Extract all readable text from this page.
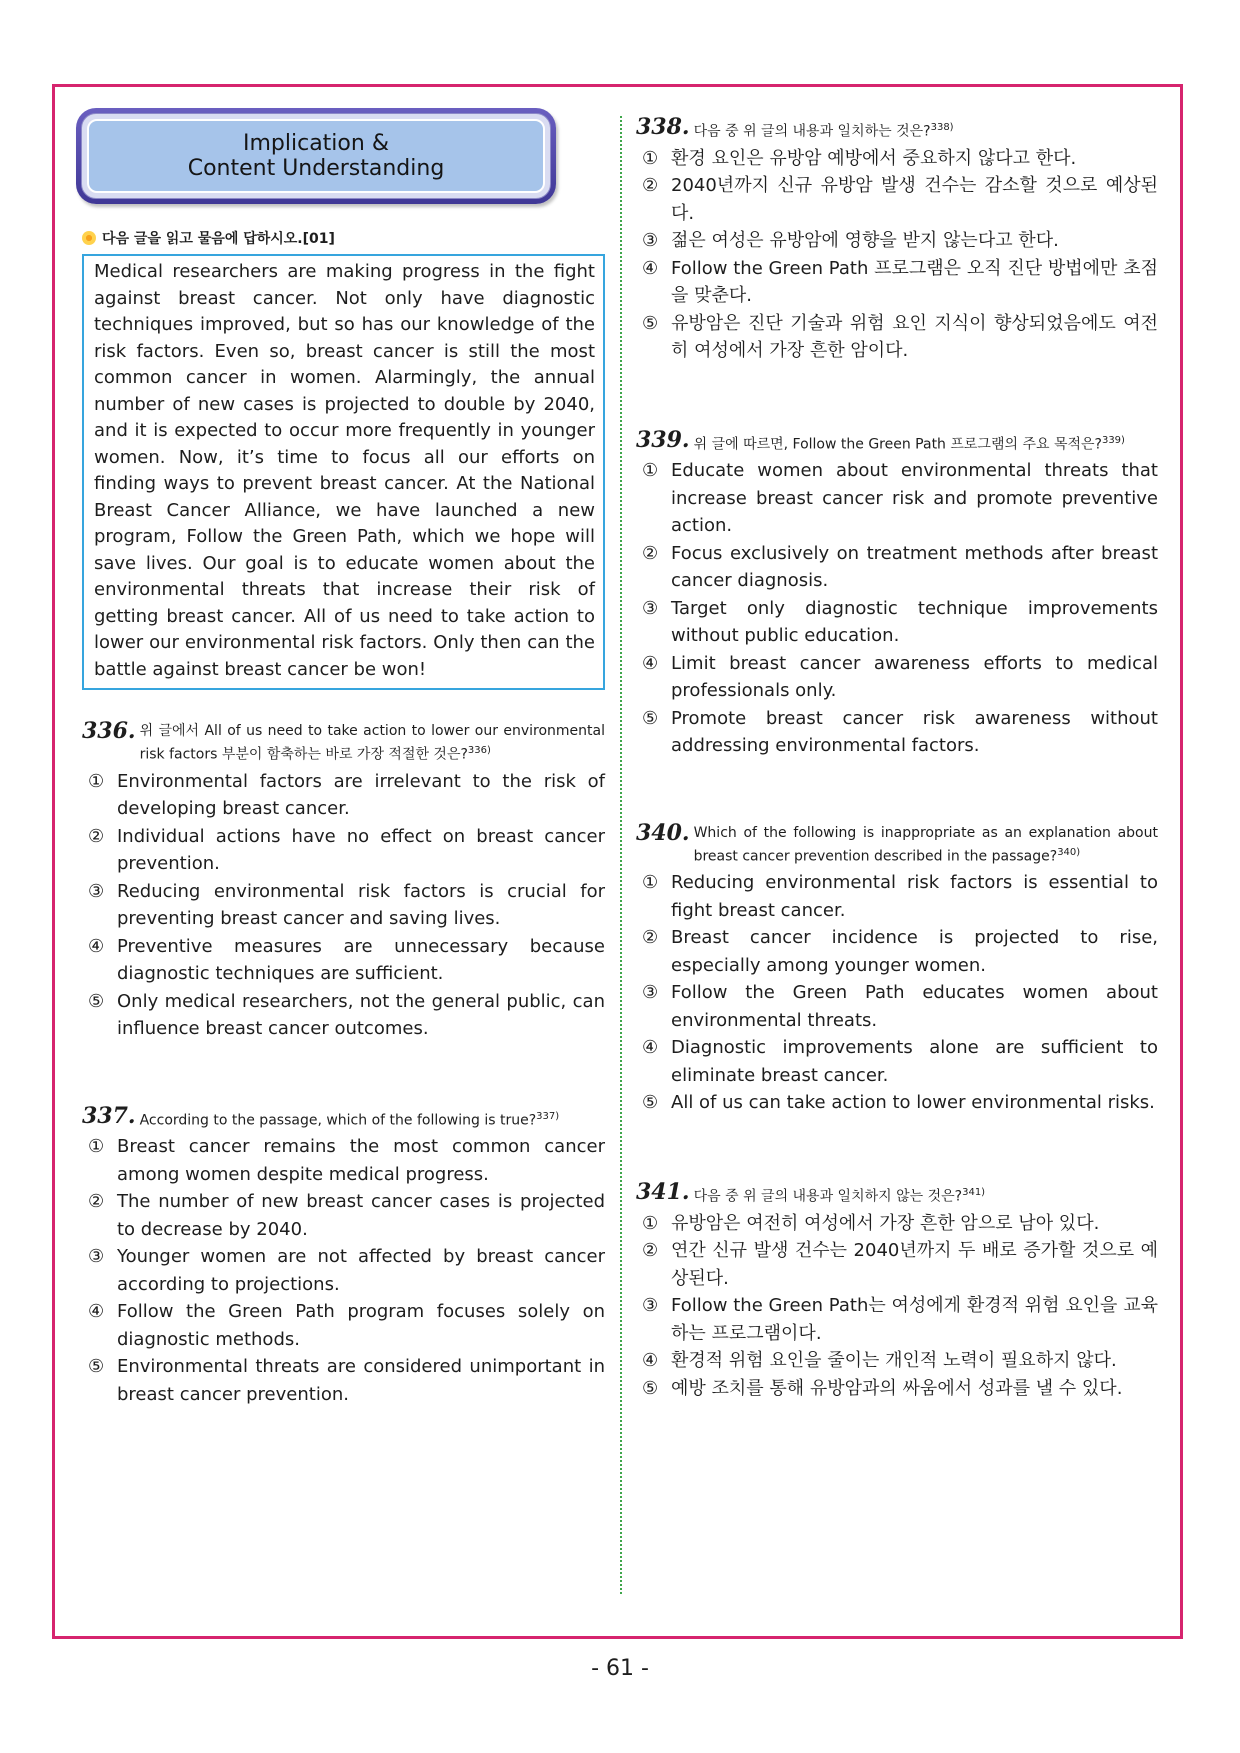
Implication &
Content Understanding
다음 글을 읽고 물음에 답하시오.[01]
Medical researchers are making progress in the fight against breast cancer. Not only have diagnostic techniques improved, but so has our knowledge of the risk factors. Even so, breast cancer is still the most common cancer in women. Alarmingly, the annual number of new cases is projected to double by 2040, and it is expected to occur more frequently in younger women. Now, it’s time to focus all our efforts on finding ways to prevent breast cancer. At the National Breast Cancer Alliance, we have launched a new program, Follow the Green Path, which we hope will save lives. Our goal is to educate women about the environmental threats that increase their risk of getting breast cancer. All of us need to take action to lower our environmental risk factors. Only then can the battle against breast cancer be won!
336. 위 글에서 All of us need to take action to lower our environmental risk factors 부분이 함축하는 바로 가장 적절한 것은?$^{336)}$
① Environmental factors are irrelevant to the risk of developing breast cancer.
② Individual actions have no effect on breast cancer prevention.
③ Reducing environmental risk factors is crucial for preventing breast cancer and saving lives.
④ Preventive measures are unnecessary because diagnostic techniques are sufficient.
⑤ Only medical researchers, not the general public, can influence breast cancer outcomes.
337. According to the passage, which of the following is true?$^{337)}$
① Breast cancer remains the most common cancer among women despite medical progress.
② The number of new breast cancer cases is projected to decrease by 2040.
③ Younger women are not affected by breast cancer according to projections.
④ Follow the Green Path program focuses solely on diagnostic methods.
⑤ Environmental threats are considered unimportant in breast cancer prevention.
338. 다음 중 위 글의 내용과 일치하는 것은?$^{338)}$
① 환경 요인은 유방암 예방에서 중요하지 않다고 한다.
② 2040년까지 신규 유방암 발생 건수는 감소할 것으로 예상된다.
③ 젊은 여성은 유방암에 영향을 받지 않는다고 한다.
④ Follow the Green Path 프로그램은 오직 진단 방법에만 초점을 맞춘다.
⑤ 유방암은 진단 기술과 위험 요인 지식이 향상되었음에도 여전히 여성에서 가장 흔한 암이다.
339. 위 글에 따르면, Follow the Green Path 프로그램의 주요 목적은?$^{339)}$
① Educate women about environmental threats that increase breast cancer risk and promote preventive action.
② Focus exclusively on treatment methods after breast cancer diagnosis.
③ Target only diagnostic technique improvements without public education.
④ Limit breast cancer awareness efforts to medical professionals only.
⑤ Promote breast cancer risk awareness without addressing environmental factors.
340. Which of the following is inappropriate as an explanation about breast cancer prevention described in the passage?$^{340)}$
① Reducing environmental risk factors is essential to fight breast cancer.
② Breast cancer incidence is projected to rise, especially among younger women.
③ Follow the Green Path educates women about environmental threats.
④ Diagnostic improvements alone are sufficient to eliminate breast cancer.
⑤ All of us can take action to lower environmental risks.
341. 다음 중 위 글의 내용과 일치하지 않는 것은?$^{341)}$
① 유방암은 여전히 여성에서 가장 흔한 암으로 남아 있다.
② 연간 신규 발생 건수는 2040년까지 두 배로 증가할 것으로 예상된다.
③ Follow the Green Path는 여성에게 환경적 위험 요인을 교육하는 프로그램이다.
④ 환경적 위험 요인을 줄이는 개인적 노력이 필요하지 않다.
⑤ 예방 조치를 통해 유방암과의 싸움에서 성과를 낼 수 있다.
- 61 -
